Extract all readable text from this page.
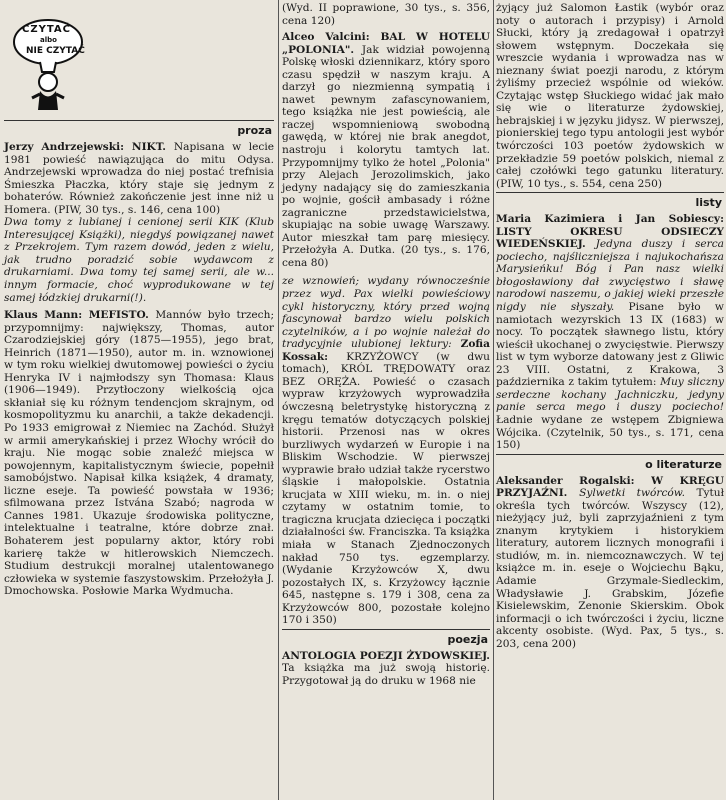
CZYTAĆ
albo
NIE CZYTAĆ
proza

Jerzy Andrzejewski: NIKT. Napisana w lecie 1981 powieść nawiązująca do mitu Odysa. Andrzejewski wprowadza do niej postać trefnisia Śmieszka Płaczka, który staje się jednym z bohaterów. Również zakończenie jest inne niż u Homera. (PIW, 30 tys., s. 146, cena 100)

Dwa tomy z lubianej i cenionej serii KIK (Klub Interesującej Książki), niegdyś powiązanej nawet z Przekrojem. Tym razem dowód, jeden z wielu, jak trudno poradzić sobie wydawcom z drukarniami. Dwa tomy tej samej serii, ale w... innym formacie, choć wyprodukowane w tej samej łódzkiej drukarni(!).

Klaus Mann: MEFISTO. Mannów było trzech; przypomnijmy: największy, Thomas, autor Czarodziejskiej góry (1875—1955), jego brat, Heinrich (1871—1950), autor m. in. wznowionej w tym roku wielkiej dwutomowej powieści o życiu Henryka IV i najmłodszy syn Thomasa: Klaus (1906—1949). Przytłoczony wielkością ojca skłaniał się ku różnym tendencjom skrajnym, od kosmopolityzmu ku anarchii, a także dekadencji. Po 1933 emigrował z Niemiec na Zachód. Służył w armii amerykańskiej i przez Włochy wrócił do kraju. Nie mogąc sobie znaleźć miejsca w powojennym, kapitalistycznym świecie, popełnił samobójstwo. Napisał kilka książek, 4 dramaty, liczne eseje. Ta powieść powstała w 1936; sfilmowana przez Istvána Szabó; nagroda w Cannes 1981. Ukazuje środowiska polityczne, intelektualne i teatralne, które dobrze znał. Bohaterem jest popularny aktor, który robi karierę także w hitlerowskich Niemczech. Studium destrukcji moralnej utalentowanego człowieka w systemie faszystowskim. Przełożyła J. Dmochowska. Posłowie Marka Wydmucha.

(Wyd. II poprawione, 30 tys., s. 356, cena 120)

Alceo Valcini: BAL W HOTELU „POLONIA". Jak widział powojenną Polskę włoski dziennikarz, który sporo czasu spędził w naszym kraju. A darzył go niezmienną sympatią i nawet pewnym zafascynowaniem, tego książka nie jest powieścią, ale raczej wspomnieniową swobodną gawędą, w której nie brak anegdot, nastroju i kolorytu tamtych lat. Przypomnijmy tylko że hotel „Polonia" przy Alejach Jerozolimskich, jako jedyny nadający się do zamieszkania po wojnie, gościł ambasady i różne zagraniczne przedstawicielstwa, skupiając na sobie uwagę Warszawy. Autor mieszkał tam parę miesięcy. Przełożyła A. Dutka. (20 tys., s. 176, cena 80)

ze wznowień; wydany równocześnie przez wyd. Pax wielki powieściowy cykl historyczny, który przed wojną fascynował bardzo wielu polskich czytelników, a i po wojnie należał do tradycyjnie ulubionej lektury: Zofia Kossak: KRZYŻOWCY (w dwu tomach), KRÓL TRĘDOWATY oraz BEZ ORĘŻA. Powieść o czasach wypraw krzyżowych wyprowadziła ówczesną beletrystykę historyczną z kręgu tematów dotyczących polskiej historii. Przenosi nas w okres burzliwych wydarzeń w Europie i na Bliskim Wschodzie. W pierwszej wyprawie brało udział także rycerstwo śląskie i małopolskie. Ostatnia krucjata w XIII wieku, m. in. o niej czytamy w ostatnim tomie, to tragiczna krucjata dziecięca i początki działalności św. Franciszka. Ta książka miała w Stanach Zjednoczonych nakład 750 tys. egzemplarzy. (Wydanie Krzyżowców X, dwu pozostałych IX, s. Krzyżowcy łącznie 645, następne s. 179 i 308, cena za Krzyżowców 800, pozostałe kolejno 170 i 350)

poezja

ANTOLOGIA POEZJI ŻYDOWSKIEJ. Ta książka ma już swoją historię. Przygotował ją do druku w 1968 nie

żyjący już Salomon Łastik (wybór oraz noty o autorach i przypisy) i Arnold Słucki, który ją zredagował i opatrzył słowem wstępnym. Doczekała się wreszcie wydania i wprowadza nas w nieznany świat poezji narodu, z którym żyliśmy przecież wspólnie od wieków. Czytając wstęp Słuckiego widać jak mało się wie o literaturze żydowskiej, hebrajskiej i w języku jidysz. W pierwszej, pionierskiej tego typu antologii jest wybór twórczości 103 poetów żydowskich w przekładzie 59 poetów polskich, niemal z całej czołówki tego gatunku literatury. (PIW, 10 tys., s. 554, cena 250)

listy

Maria Kazimiera i Jan Sobiescy: LISTY OKRESU ODSIECZY WIEDEŃSKIEJ. Jedyna duszy i serca pociecho, najśliczniejsza i najukochańsza Marysieńku! Bóg i Pan nasz wielki błogosławiony dał zwycięstwo i sławę narodowi naszemu, o jakiej wieki przeszłe nigdy nie słyszały. Pisane było w namiotach wezyrskich 13 IX (1683) w nocy. To początek sławnego listu, który wieścił ukochanej o zwycięstwie. Pierwszy list w tym wyborze datowany jest z Gliwic 23 VIII. Ostatni, z Krakowa, 3 października z takim tytułem: Muy sliczny serdeczne kochany Jachniczku, jedyny panie serca mego i duszy pociecho! Ładnie wydane ze wstępem Zbigniewa Wójcika. (Czytelnik, 50 tys., s. 171, cena 150)

o literaturze

Aleksander Rogalski: W KRĘGU PRZYJAŹNI. Sylwetki twórców. Tytuł określa tych twórców. Wszyscy (12), nieżyjący już, byli zaprzyjaźnieni z tym znanym krytykiem i historykiem literatury, autorem licznych monografii i studiów, m. in. niemcoznawczych. W tej książce m. in. eseje o Wojciechu Bąku, Adamie Grzymale-Siedleckim, Władysławie J. Grabskim, Józefie Kisielewskim, Zenonie Skierskim. Obok informacji o ich twórczości i życiu, liczne akcenty osobiste. (Wyd. Pax, 5 tys., s. 203, cena 200)
